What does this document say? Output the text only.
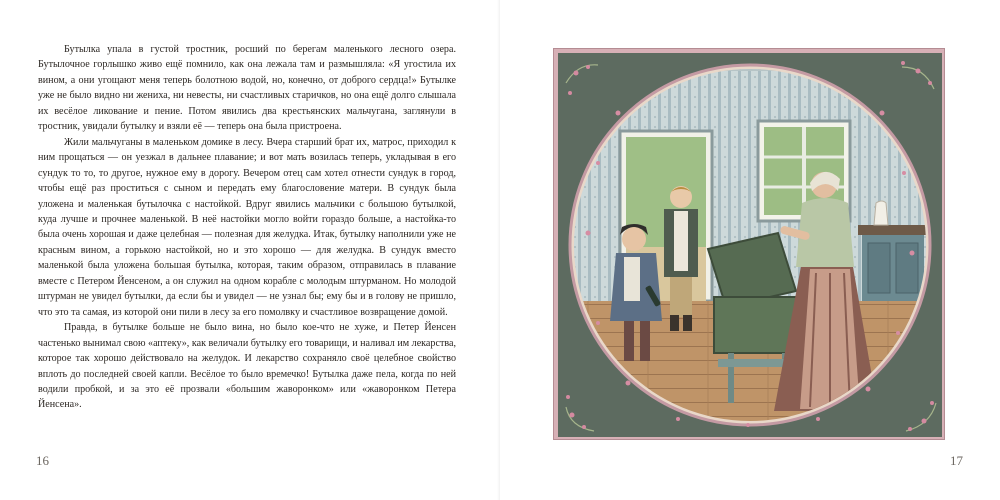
Бутылка упала в густой тростник, росший по берегам маленького лесного озера. Бутылочное горлышко живо ещё помнило, как она лежала там и размышляла: «Я угостила их вином, а они угощают меня теперь болотною водой, но, конечно, от доброго сердца!» Бутылке уже не было видно ни жениха, ни невесты, ни счастливых старичков, но она ещё долго слышала их весёлое ликование и пение. Потом явились два крестьянских мальчугана, заглянули в тростник, увидали бутылку и взяли её — теперь она была пристроена.

Жили мальчуганы в маленьком домике в лесу. Вчера старший брат их, матрос, приходил к ним прощаться — он уезжал в дальнее плавание; и вот мать возилась теперь, укладывая в его сундук то то, то другое, нужное ему в дорогу. Вечером отец сам хотел отнести сундук в город, чтобы ещё раз проститься с сыном и передать ему благословение матери. В сундук была уложена и маленькая бутылочка с настойкой. Вдруг явились мальчики с большою бутылкой, куда лучше и прочнее маленькой. В неё настойки могло войти гораздо больше, а настойка-то была очень хорошая и даже целебная — полезная для желудка. Итак, бутылку наполнили уже не красным вином, а горькою настойкой, но и это хорошо — для желудка. В сундук вместо маленькой была уложена большая бутылка, которая, таким образом, отправилась в плавание вместе с Петером Йенсеном, а он служил на одном корабле с молодым штурманом. Но молодой штурман не увидел бутылки, да если бы и увидел — не узнал бы; ему бы и в голову не пришло, что это та самая, из которой они пили в лесу за его помолвку и счастливое возвращение домой.

Правда, в бутылке больше не было вина, но было кое-что не хуже, и Петер Йенсен частенько вынимал свою «аптеку», как величали бутылку его товарищи, и наливал им лекарства, которое так хорошо действовало на желудок. И лекарство сохраняло своё целебное свойство вплоть до последней своей капли. Весёлое то было времечко! Бутылка даже пела, когда по ней водили пробкой, и за это её прозвали «большим жаворонком» или «жаворонком Петера Йенсена».

16	17
